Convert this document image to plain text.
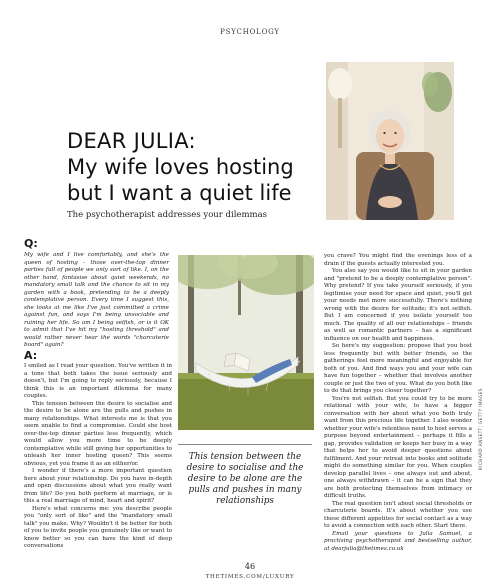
PSYCHOLOGY
DEAR JULIA:
My wife loves hosting
but I want a quiet life
The psychotherapist addresses your dilemmas
Q:

My wife and I live comfortably, and she's the queen of hosting – those over-the-top dinner parties full of people we only sort of like. I, on the other hand, fantasise about quiet weekends, no mandatory small talk and the chance to sit in my garden with a book, pretending to be a deeply contemplative person. Every time I suggest this, she looks at me like I've just committed a crime against fun, and says I'm being unsociable and ruining her life. So am I being selfish, or is it OK to admit that I've hit my "hosting threshold" and would rather never hear the words "charcuterie board" again?

A:

I smiled as I read your question. You've written it in a tone that both takes the issue seriously and doesn't, but I'm going to reply seriously, because I think this is an important dilemma for many couples.

This tension between the desire to socialise and the desire to be alone are the pulls and pushes in many relationships. What interests me is that you seem unable to find a compromise. Could she host over-the-top dinner parties less frequently, which would allow you more time to be deeply contemplative while still giving her opportunities to unleash her inner hosting queen? This seems obvious, yet you frame it as an either/or.

I wonder if there's a more important question here about your relationship. Do you have in-depth and open discussions about what you really want from life? Do you both perform at marriage, or is this a real marriage of mind, heart and spirit?

Here's what concerns me: you describe people you "only sort of like" and the "mandatory small talk" you make. Why? Wouldn't it be better for both of you to invite people you genuinely like or want to know better so you can have the kind of deep conversations

you crave? You might find the evenings less of a drain if the guests actually interested you.

You also say you would like to sit in your garden and "pretend to be a deeply contemplative person". Why pretend? If you take yourself seriously, if you legitimise your need for space and quiet, you'll get your needs met more successfully. There's nothing wrong with the desire for solitude; it's not selfish. But I am concerned if you isolate yourself too much. The quality of all our relationships – friends as well as romantic partners – has a significant influence on our health and happiness.

So here's my suggestion: propose that you host less frequently but with better friends, so the gatherings feel more meaningful and enjoyable for both of you. And find ways you and your wife can have fun together – whether that involves another couple or just the two of you. What do you both like to do that brings you closer together?

You're not selfish. But you could try to be more relational with your wife, to have a bigger conversation with her about what you both truly want from this precious life together. I also wonder whether your wife's relentless need to host serves a purpose beyond entertainment – perhaps it fills a gap, provides validation or keeps her busy in a way that helps her to avoid deeper questions about fulfilment. And your retreat into books and solitude might do something similar for you. When couples develop parallel lives – one always out and about, one always withdrawn – it can be a sign that they are both protecting themselves from intimacy or difficult truths.

The real question isn't about social thresholds or charcuterie boards. It's about whether you use these different appetites for social contact as a way to avoid a connection with each other. Start there.

Email your questions to Julia Samuel, a practising psychotherapist and bestselling author, at dearjulia@thetimes.co.uk

This tension between the desire to socialise and the desire to be alone are the pulls and pushes in many relationships
RICHARD ANSETT; GETTY IMAGES
46
THETIMES.COM/LUXURY
